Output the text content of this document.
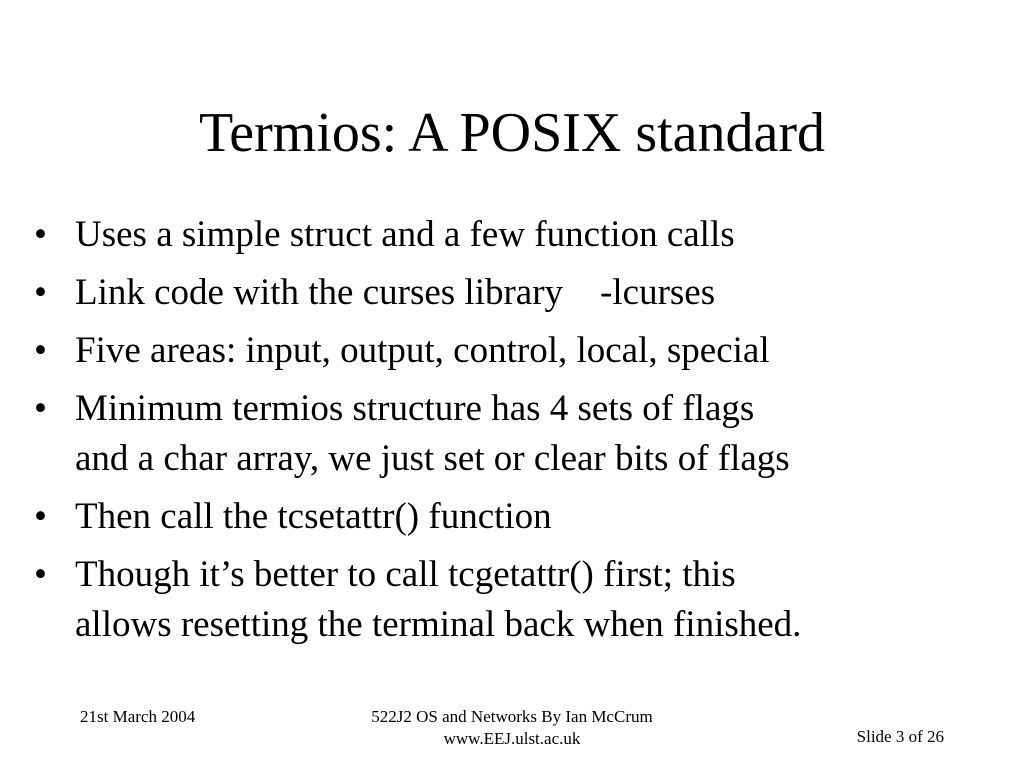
Termios: A POSIX standard
• Uses a simple struct and a few function calls
• Link code with the curses library    -lcurses
• Five areas: input, output, control, local, special
• Minimum termios structure has 4 sets of flags
and a char array, we just set or clear bits of flags
• Then call the tcsetattr() function
• Though it’s better to call tcgetattr() first; this
allows resetting the terminal back when finished.
21st March 2004	522J2 OS and Networks By Ian McCrum
www.EEJ.ulst.ac.uk	Slide 3 of 26
